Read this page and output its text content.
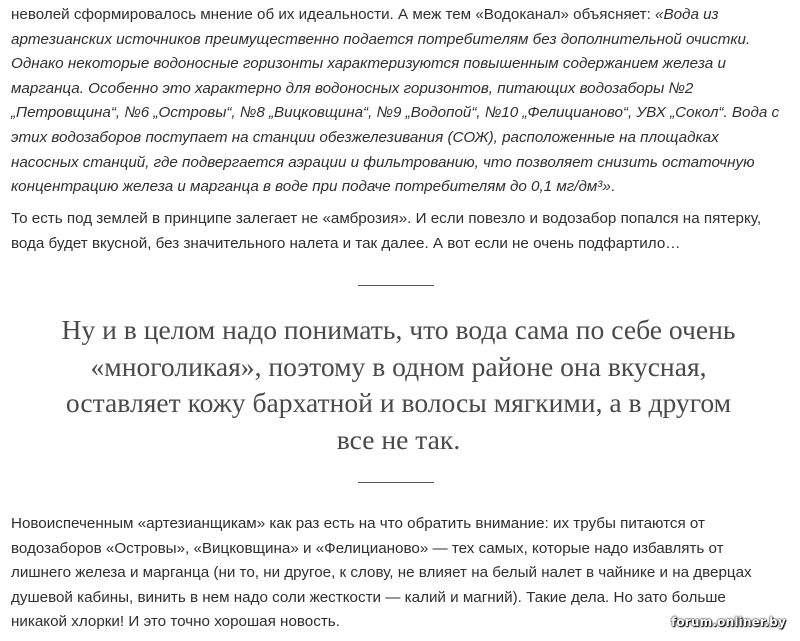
неволей сформировалось мнение об их идеальности. А меж тем «Водоканал» объясняет: «Вода из артезианских источников преимущественно подается потребителям без дополнительной очистки. Однако некоторые водоносные горизонты характеризуются повышенным содержанием железа и марганца. Особенно это характерно для водоносных горизонтов, питающих водозаборы №2 „Петровщина“, №6 „Островы“, №8 „Вицковщина“, №9 „Водопой“, №10 „Фелицианово“, УВХ „Сокол“. Вода с этих водозаборов поступает на станции обезжелезивания (СОЖ), расположенные на площадках насосных станций, где подвергается аэрации и фильтрованию, что позволяет снизить остаточную концентрацию железа и марганца в воде при подаче потребителям до 0,1 мг/дм³».

То есть под землей в принципе залегает не «амброзия». И если повезло и водозабор попался на пятерку, вода будет вкусной, без значительного налета и так далее. А вот если не очень подфартило…

Ну и в целом надо понимать, что вода сама по себе очень «многоликая», поэтому в одном районе она вкусная, оставляет кожу бархатной и волосы мягкими, а в другом все не так.

Новоиспеченным «артезианщикам» как раз есть на что обратить внимание: их трубы питаются от водозаборов «Островы», «Вицковщина» и «Фелицианово» — тех самых, которые надо избавлять от лишнего железа и марганца (ни то, ни другое, к слову, не влияет на белый налет в чайнике и на дверцах душевой кабины, винить в нем надо соли жесткости — калий и магний). Такие дела. Но зато больше никакой хлорки! И это точно хорошая новость.	forum.onliner.by
